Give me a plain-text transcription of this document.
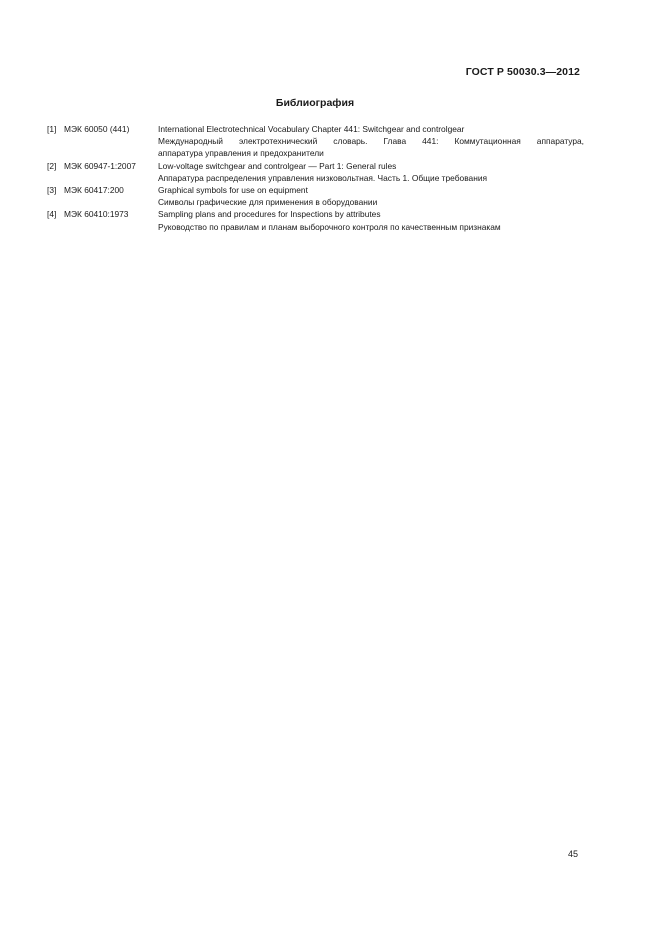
ГОСТ Р 50030.3—2012
Библиография
[1] МЭК 60050 (441)	International Electrotechnical Vocabulary Chapter 441: Switchgear and controlgear
Международный электротехнический словарь. Глава 441: Коммутационная аппаратура,
аппаратура управления и предохранители
[2] МЭК 60947-1:2007	Low-voltage switchgear and controlgear — Part 1: General rules
Аппаратура распределения управления низковольтная. Часть 1. Общие требования
[3] МЭК 60417:200	Graphical symbols for use on equipment
Символы графические для применения в оборудовании
[4] МЭК 60410:1973	Sampling plans and procedures for Inspections by attributes
Руководство по правилам и планам выборочного контроля по качественным признакам
45
